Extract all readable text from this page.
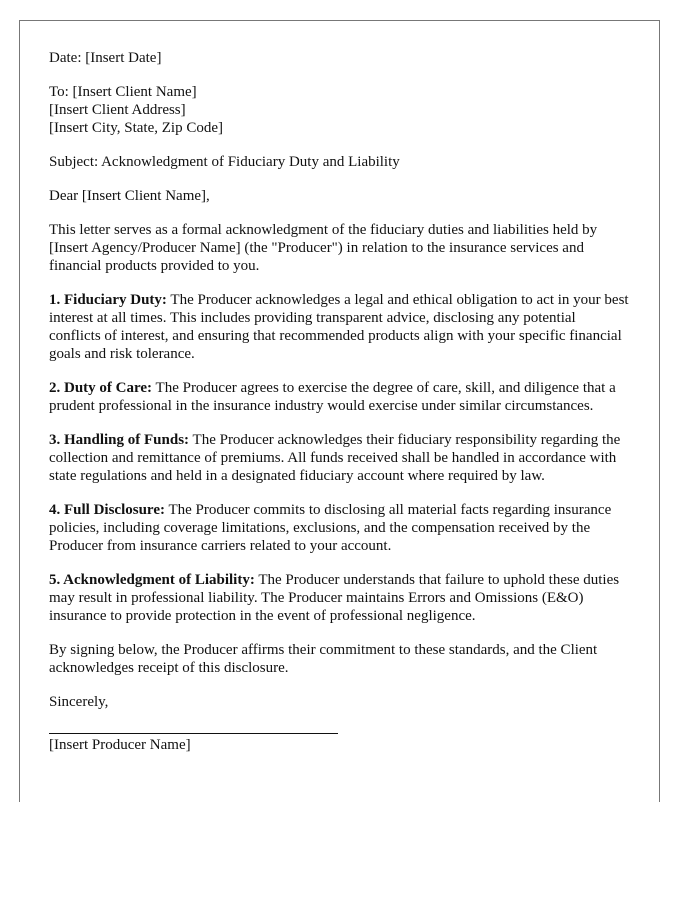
Date: [Insert Date]

To: [Insert Client Name]
[Insert Client Address]
[Insert City, State, Zip Code]

Subject: Acknowledgment of Fiduciary Duty and Liability

Dear [Insert Client Name],

This letter serves as a formal acknowledgment of the fiduciary duties and liabilities held by [Insert Agency/Producer Name] (the "Producer") in relation to the insurance services and financial products provided to you.

1. Fiduciary Duty: The Producer acknowledges a legal and ethical obligation to act in your best interest at all times. This includes providing transparent advice, disclosing any potential conflicts of interest, and ensuring that recommended products align with your specific financial goals and risk tolerance.

2. Duty of Care: The Producer agrees to exercise the degree of care, skill, and diligence that a prudent professional in the insurance industry would exercise under similar circumstances.

3. Handling of Funds: The Producer acknowledges their fiduciary responsibility regarding the collection and remittance of premiums. All funds received shall be handled in accordance with state regulations and held in a designated fiduciary account where required by law.

4. Full Disclosure: The Producer commits to disclosing all material facts regarding insurance policies, including coverage limitations, exclusions, and the compensation received by the Producer from insurance carriers related to your account.

5. Acknowledgment of Liability: The Producer understands that failure to uphold these duties may result in professional liability. The Producer maintains Errors and Omissions (E&O) insurance to provide protection in the event of professional negligence.

By signing below, the Producer affirms their commitment to these standards, and the Client acknowledges receipt of this disclosure.

Sincerely,

[Insert Producer Name]
